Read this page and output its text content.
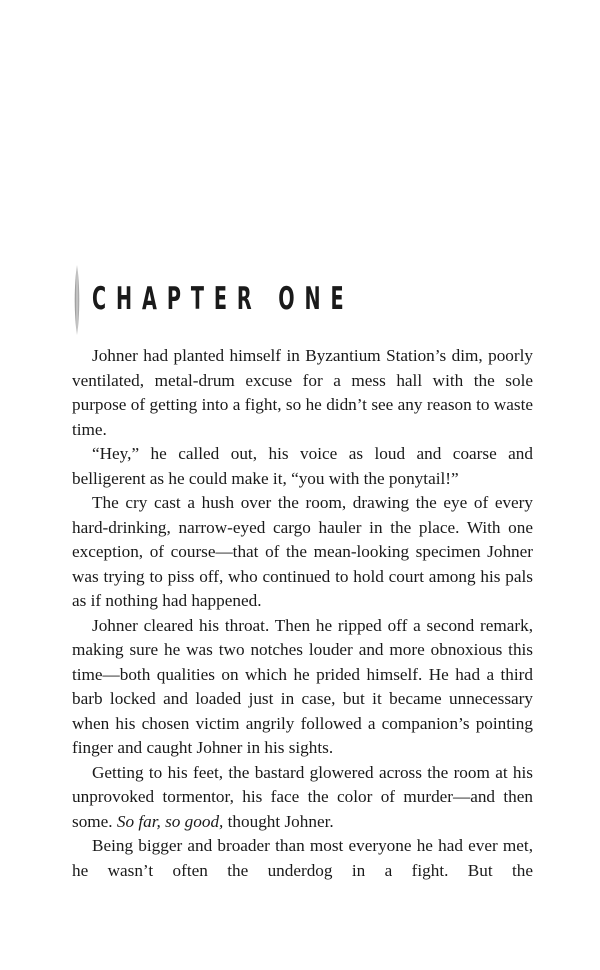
CHAPTER ONE

Johner had planted himself in Byzantium Station’s dim, poorly ventilated, metal-drum excuse for a mess hall with the sole purpose of getting into a fight, so he didn’t see any reason to waste time.

“Hey,” he called out, his voice as loud and coarse and belligerent as he could make it, “you with the ponytail!”

The cry cast a hush over the room, drawing the eye of every hard-drinking, narrow-eyed cargo hauler in the place. With one exception, of course—that of the mean-looking specimen Johner was trying to piss off, who continued to hold court among his pals as if nothing had happened.

Johner cleared his throat. Then he ripped off a second remark, making sure he was two notches louder and more obnoxious this time—both qualities on which he prided himself. He had a third barb locked and loaded just in case, but it became unnecessary when his chosen victim angrily followed a companion’s pointing finger and caught Johner in his sights.

Getting to his feet, the bastard glowered across the room at his unprovoked tormentor, his face the color of murder—and then some. So far, so good, thought Johner.

Being bigger and broader than most everyone he had ever met, he wasn’t often the underdog in a fight. But the
